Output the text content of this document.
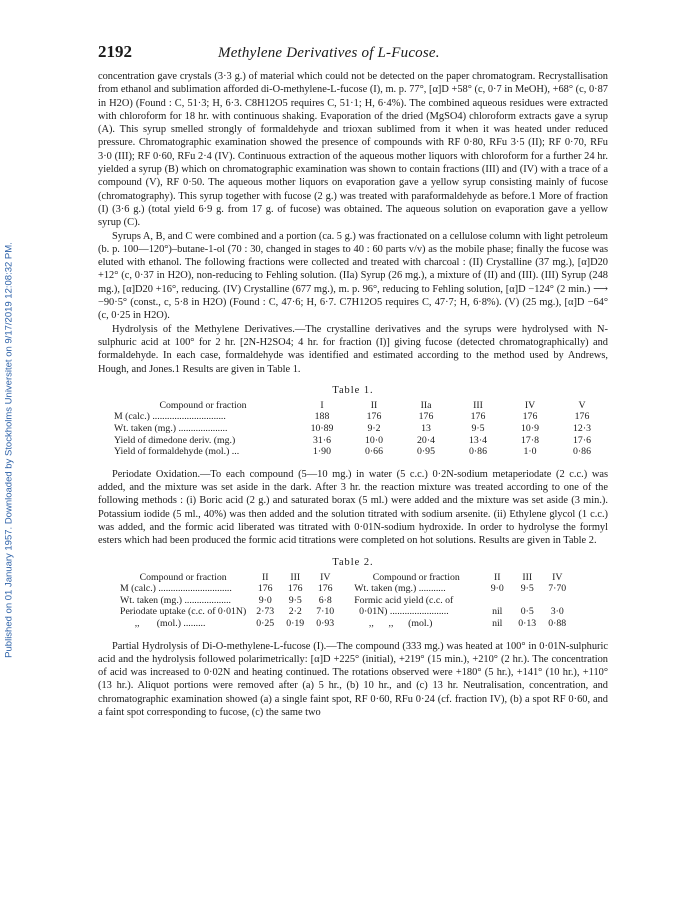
Published on 01 January 1957. Downloaded by Stockholms Universitet on 9/17/2019 12:08:32 PM.
2192	Methylene Derivatives of L-Fucose.

concentration gave crystals (3·3 g.) of material which could not be detected on the paper chromatogram. Recrystallisation from ethanol and sublimation afforded di-O-methylene-L-fucose (I), m. p. 77°, [α]D +58° (c, 0·7 in MeOH), +68° (c, 0·87 in H2O) (Found : C, 51·3; H, 6·3. C8H12O5 requires C, 51·1; H, 6·4%). The combined aqueous residues were extracted with chloroform for 18 hr. with continuous shaking. Evaporation of the dried (MgSO4) chloroform extracts gave a syrup (A). This syrup smelled strongly of formaldehyde and trioxan sublimed from it when it was heated under reduced pressure. Chromatographic examination showed the presence of compounds with RF 0·80, RFu 3·5 (II); RF 0·70, RFu 3·0 (III); RF 0·60, RFu 2·4 (IV). Continuous extraction of the aqueous mother liquors with chloroform for a further 24 hr. yielded a syrup (B) which on chromatographic examination was shown to contain fractions (III) and (IV) with a trace of a compound (V), RF 0·50. The aqueous mother liquors on evaporation gave a yellow syrup consisting mainly of fucose (chromatography). This syrup together with fucose (2 g.) was treated with paraformaldehyde as before.1 More of fraction (I) (3·6 g.) (total yield 6·9 g. from 17 g. of fucose) was obtained. The aqueous solution on evaporation gave a yellow syrup (C).

Syrups A, B, and C were combined and a portion (ca. 5 g.) was fractionated on a cellulose column with light petroleum (b. p. 100—120°)–butane-1-ol (70 : 30, changed in stages to 40 : 60 parts v/v) as the mobile phase; finally the fucose was eluted with ethanol. The following fractions were collected and treated with charcoal : (II) Crystalline (37 mg.), [α]D20 +12° (c, 0·37 in H2O), non-reducing to Fehling solution. (IIa) Syrup (26 mg.), a mixture of (II) and (III). (III) Syrup (248 mg.), [α]D20 +16°, reducing. (IV) Crystalline (677 mg.), m. p. 96°, reducing to Fehling solution, [α]D −124° (2 min.) ⟶ −90·5° (const., c, 5·8 in H2O) (Found : C, 47·6; H, 6·7. C7H12O5 requires C, 47·7; H, 6·8%). (V) (25 mg.), [α]D −64° (c, 0·25 in H2O).

Hydrolysis of the Methylene Derivatives.—The crystalline derivatives and the syrups were hydrolysed with N-sulphuric acid at 100° for 2 hr. [2N-H2SO4; 4 hr. for fraction (I)] giving fucose (detected chromatographically) and formaldehyde. In each case, formaldehyde was identified and estimated according to the method used by Andrews, Hough, and Jones.1 Results are given in Table 1.

Table 1.
Compound or fraction	I	II	IIa	III	IV	V
M (calc.) ..............................	188	176	176	176	176	176
Wt. taken (mg.) ....................	10·89	9·2	13	9·5	10·9	12·3
Yield of dimedone deriv. (mg.)	31·6	10·0	20·4	13·4	17·8	17·6
Yield of formaldehyde (mol.) ...	1·90	0·66	0·95	0·86	1·0	0·86

Periodate Oxidation.—To each compound (5—10 mg.) in water (5 c.c.) 0·2N-sodium metaperiodate (2 c.c.) was added, and the mixture was set aside in the dark. After 3 hr. the reaction mixture was treated according to one of the following methods : (i) Boric acid (2 g.) and saturated borax (5 ml.) were added and the mixture was set aside (3 min.). Potassium iodide (5 ml., 40%) was then added and the solution titrated with sodium arsenite. (ii) Ethylene glycol (1 c.c.) was added, and the formic acid liberated was titrated with 0·01N-sodium hydroxide. In order to hydrolyse the formyl esters which had been produced the formic acid titrations were completed on hot solutions. Results are given in Table 2.

Table 2.
Compound or fraction	II	III	IV	Compound or fraction	II	III	IV
M (calc.) ..............................	176	176	176	Wt. taken (mg.) ...........	9·0	9·5	7·70
Wt. taken (mg.) ...................	9·0	9·5	6·8	Formic acid yield (c.c. of			
Periodate uptake (c.c. of 0·01N)	2·73	2·2	7·10	0·01N) ........................	nil	0·5	3·0
,,       (mol.) .........	0·25	0·19	0·93	,,      ,,      (mol.)	nil	0·13	0·88

Partial Hydrolysis of Di-O-methylene-L-fucose (I).—The compound (333 mg.) was heated at 100° in 0·01N-sulphuric acid and the hydrolysis followed polarimetrically: [α]D +225° (initial), +219° (15 min.), +210° (2 hr.). The concentration of acid was increased to 0·02N and heating continued. The rotations observed were +180° (5 hr.), +141° (10 hr.), +110° (13 hr.). Aliquot portions were removed after (a) 5 hr., (b) 10 hr., and (c) 13 hr. Neutralisation, concentration, and chromatographic examination showed (a) a single faint spot, RF 0·60, RFu 0·24 (cf. fraction IV), (b) a spot RF 0·60, and a faint spot corresponding to fucose, (c) the same two
